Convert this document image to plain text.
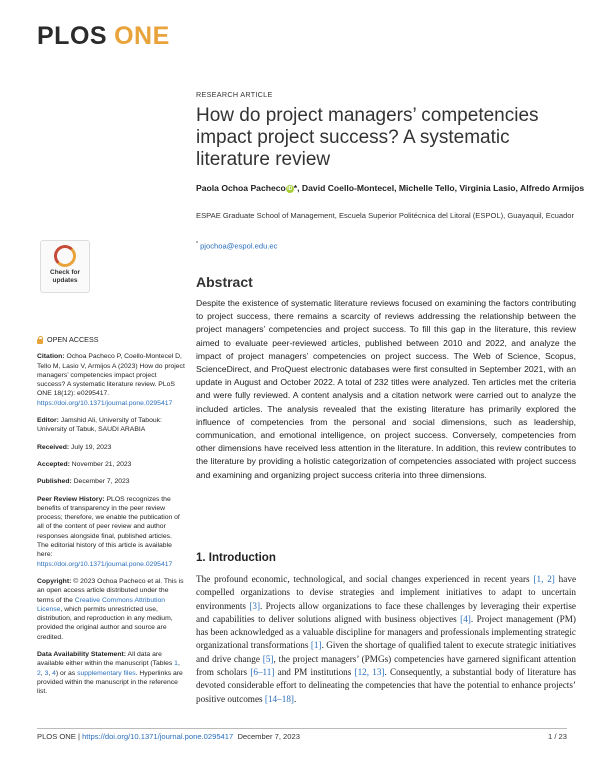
PLOS ONE
RESEARCH ARTICLE
How do project managers’ competencies impact project success? A systematic literature review
Paola Ochoa Pacheco iD *, David Coello-Montecel, Michelle Tello, Virginia Lasio, Alfredo Armijos
ESPAE Graduate School of Management, Escuela Superior Politécnica del Litoral (ESPOL), Guayaquil, Ecuador
* pjochoa@espol.edu.ec
Check for
updates
OPEN ACCESS
Citation: Ochoa Pacheco P, Coello-Montecel D, Tello M, Lasio V, Armijos A (2023) How do project managers’ competencies impact project success? A systematic literature review. PLoS ONE 18(12): e0295417. https://doi.org/10.1371/journal.pone.0295417
Editor: Jamshid Ali, University of Tabouk: University of Tabuk, SAUDI ARABIA
Received: July 19, 2023
Accepted: November 21, 2023
Published: December 7, 2023
Peer Review History: PLOS recognizes the benefits of transparency in the peer review process; therefore, we enable the publication of all of the content of peer review and author responses alongside final, published articles. The editorial history of this article is available here: https://doi.org/10.1371/journal.pone.0295417
Copyright: © 2023 Ochoa Pacheco et al. This is an open access article distributed under the terms of the Creative Commons Attribution License, which permits unrestricted use, distribution, and reproduction in any medium, provided the original author and source are credited.
Data Availability Statement: All data are available either within the manuscript (Tables 1, 2, 3, 4) or as supplementary files. Hyperlinks are provided within the manuscript in the reference list.
Abstract

Despite the existence of systematic literature reviews focused on examining the factors contributing to project success, there remains a scarcity of reviews addressing the relationship between the project managers’ competencies and project success. To fill this gap in the literature, this review aimed to evaluate peer-reviewed articles, published between 2010 and 2022, and analyze the impact of project managers’ competencies on project success. The Web of Science, Scopus, ScienceDirect, and ProQuest electronic databases were first consulted in September 2021, with an update in August and October 2022. A total of 232 titles were analyzed. Ten articles met the criteria and were fully reviewed. A content analysis and a citation network were carried out to analyze the included articles. The analysis revealed that the existing literature has primarily explored the influence of competencies from the personal and social dimensions, such as leadership, communication, and emotional intelligence, on project success. Conversely, competencies from other dimensions have received less attention in the literature. In addition, this review contributes to the literature by providing a holistic categorization of competencies associated with project success and examining and organizing project success criteria into three dimensions.

1. Introduction

The profound economic, technological, and social changes experienced in recent years [1, 2] have compelled organizations to devise strategies and implement initiatives to adapt to uncertain environments [3]. Projects allow organizations to face these challenges by leveraging their expertise and capabilities to deliver solutions aligned with business objectives [4]. Project management (PM) has been acknowledged as a valuable discipline for managers and professionals implementing strategic organizational transformations [1]. Given the shortage of qualified talent to execute strategic initiatives and drive change [5], the project managers’ (PMGs) competencies have garnered significant attention from scholars [6–11] and PM institutions [12, 13]. Consequently, a substantial body of literature has devoted considerable effort to delineating the competencies that have the potential to enhance projects’ positive outcomes [14–18].

PLOS ONE | https://doi.org/10.1371/journal.pone.0295417 December 7, 2023	1 / 23
